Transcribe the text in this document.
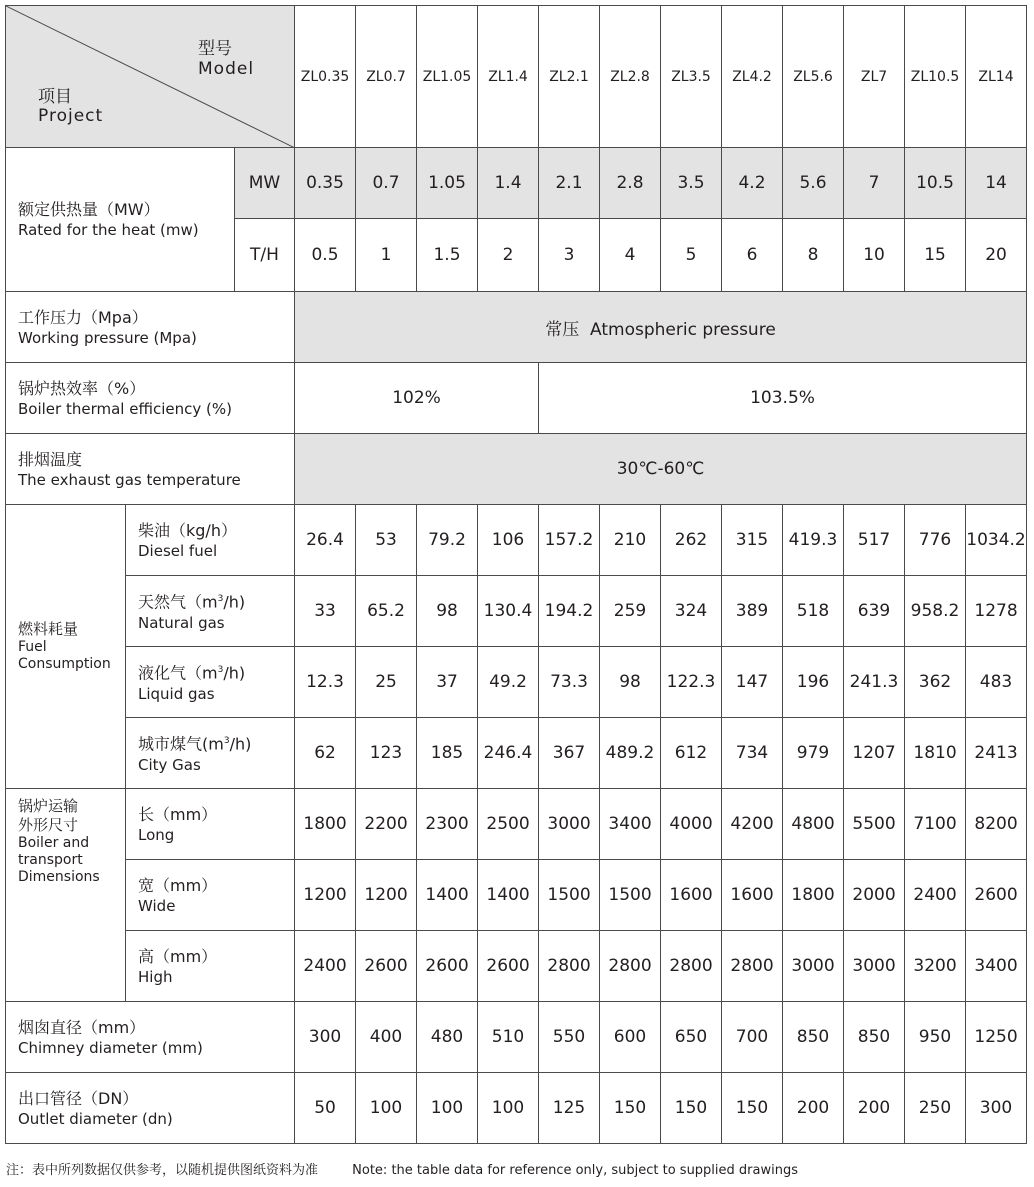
型号
Model
项目
Project			ZL0.35	ZL0.7	ZL1.05	ZL1.4	ZL2.1	ZL2.8	ZL3.5	ZL4.2	ZL5.6	ZL7	ZL10.5	ZL14

额定供热量（MW）
Rated for the heat (mw)		MW	0.35	0.7	1.05	1.4	2.1	2.8	3.5	4.2	5.6	7	10.5	14
		T/H	0.5	1	1.5	2	3	4	5	6	8	10	15	20

工作压力（Mpa）
Working pressure (Mpa)			常压  Atmospheric pressure											

锅炉热效率（%）
Boiler thermal efficiency (%)			102%				103.5%							

排烟温度
The exhaust gas temperature			30℃-60℃											

燃料耗量
Fuel
Consumption	柴油（kg/h）
Diesel fuel		26.4	53	79.2	106	157.2	210	262	315	419.3	517	776	1034.2

	天然气$(m^3/h)$
Natural gas		33	65.2	98	130.4	194.2	259	324	389	518	639	958.2	1278

	液化气$(m^3/h)$
Liquid gas		12.3	25	37	49.2	73.3	98	122.3	147	196	241.3	362	483

	城市煤气$(m^3/h)$
City Gas		62	123	185	246.4	367	489.2	612	734	979	1207	1810	2413

锅炉运输
外形尺寸
Boiler and
transport
Dimensions	长（mm）
Long		1800	2200	2300	2500	3000	3400	4000	4200	4800	5500	7100	8200

	宽（mm）
Wide		1200	1200	1400	1400	1500	1500	1600	1600	1800	2000	2400	2600

	高（mm）
High		2400	2600	2600	2600	2800	2800	2800	2800	3000	3000	3200	3400

烟囱直径（mm）
Chimney diameter (mm)			300	400	480	510	550	600	650	700	850	850	950	1250

出口管径（DN）
Outlet diameter (dn)			50	100	100	100	125	150	150	150	200	200	250	300
注：表中所列数据仅供参考，以随机提供图纸资料为准	Note: the table data for reference only, subject to supplied drawings
